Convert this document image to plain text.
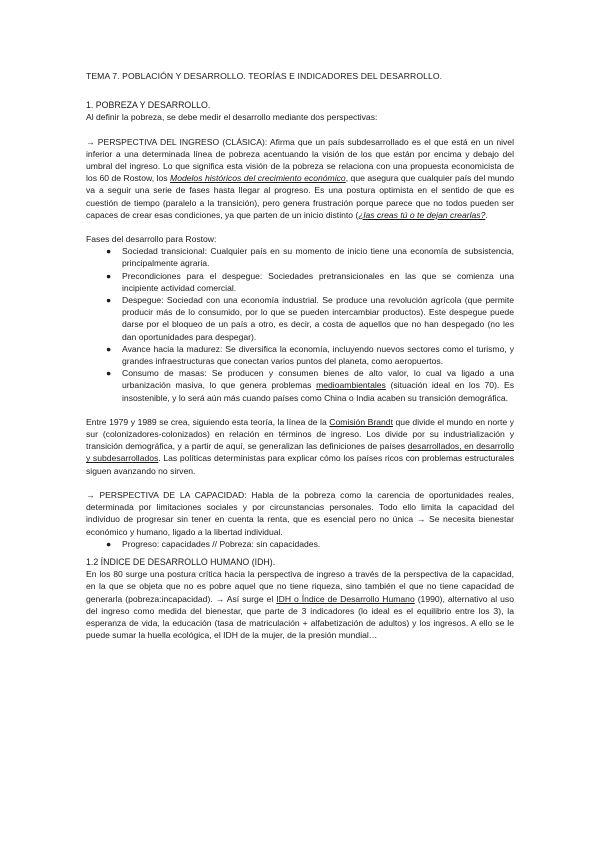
TEMA 7. POBLACIÓN Y DESARROLLO. TEORÍAS E INDICADORES DEL DESARROLLO.

1. POBREZA Y DESARROLLO.

Al definir la pobreza, se debe medir el desarrollo mediante dos perspectivas:

→ PERSPECTIVA DEL INGRESO (CLÁSICA): Afirma que un país subdesarrollado es el que está en un nivel inferior a una determinada línea de pobreza acentuando la visión de los que están por encima y debajo del umbral del ingreso. Lo que significa esta visión de la pobreza se relaciona con una propuesta economicista de los 60 de Rostow, los Modelos históricos del crecimiento económico, que asegura que cualquier país del mundo va a seguir una serie de fases hasta llegar al progreso. Es una postura optimista en el sentido de que es cuestión de tiempo (paralelo a la transición), pero genera frustración porque parece que no todos pueden ser capaces de crear esas condiciones, ya que parten de un inicio distinto (¿las creas tú o te dejan crearlas?.

Fases del desarrollo para Rostow:

● Sociedad transicional: Cualquier país en su momento de inicio tiene una economía de subsistencia, principalmente agraria.
● Precondiciones para el despegue: Sociedades pretransicionales en las que se comienza una incipiente actividad comercial.
● Despegue: Sociedad con una economía industrial. Se produce una revolución agrícola (que permite producir más de lo consumido, por lo que se pueden intercambiar productos). Este despegue puede darse por el bloqueo de un país a otro, es decir, a costa de aquellos que no han despegado (no les dan oportunidades para despegar).
● Avance hacia la madurez: Se diversifica la economía, incluyendo nuevos sectores como el turismo, y grandes infraestructuras que conectan varios puntos del planeta, como aeropuertos.
● Consumo de masas: Se producen y consumen bienes de alto valor, lo cual va ligado a una urbanización masiva, lo que genera problemas medioambientales (situación ideal en los 70). Es insostenible, y lo será aún más cuando países como China o India acaben su transición demográfica.

Entre 1979 y 1989 se crea, siguiendo esta teoría, la línea de la Comisión Brandt que divide el mundo en norte y sur (colonizadores-colonizados) en relación en términos de ingreso. Los divide por su industrialización y transición demográfica, y a partir de aquí, se generalizan las definiciones de países desarrollados, en desarrollo y subdesarrollados. Las políticas deterministas para explicar cómo los países ricos con problemas estructurales siguen avanzando no sirven.

→ PERSPECTIVA DE LA CAPACIDAD: Habla de la pobreza como la carencia de oportunidades reales, determinada por limitaciones sociales y por circunstancias personales. Todo ello limita la capacidad del individuo de progresar sin tener en cuenta la renta, que es esencial pero no única → Se necesita bienestar económico y humano, ligado a la libertad individual.

● Progreso: capacidades // Pobreza: sin capacidades.

1.2 ÍNDICE DE DESARROLLO HUMANO (IDH).

En los 80 surge una postura crítica hacia la perspectiva de ingreso a través de la perspectiva de la capacidad, en la que se objeta que no es pobre aquel que no tiene riqueza, sino también el que no tiene capacidad de generarla (pobreza:incapacidad). → Así surge el IDH o Índice de Desarrollo Humano (1990), alternativo al uso del ingreso como medida del bienestar, que parte de 3 indicadores (lo ideal es el equilibrio entre los 3), la esperanza de vida, la educación (tasa de matriculación + alfabetización de adultos) y los ingresos. A ello se le puede sumar la huella ecológica, el IDH de la mujer, de la presión mundial…
